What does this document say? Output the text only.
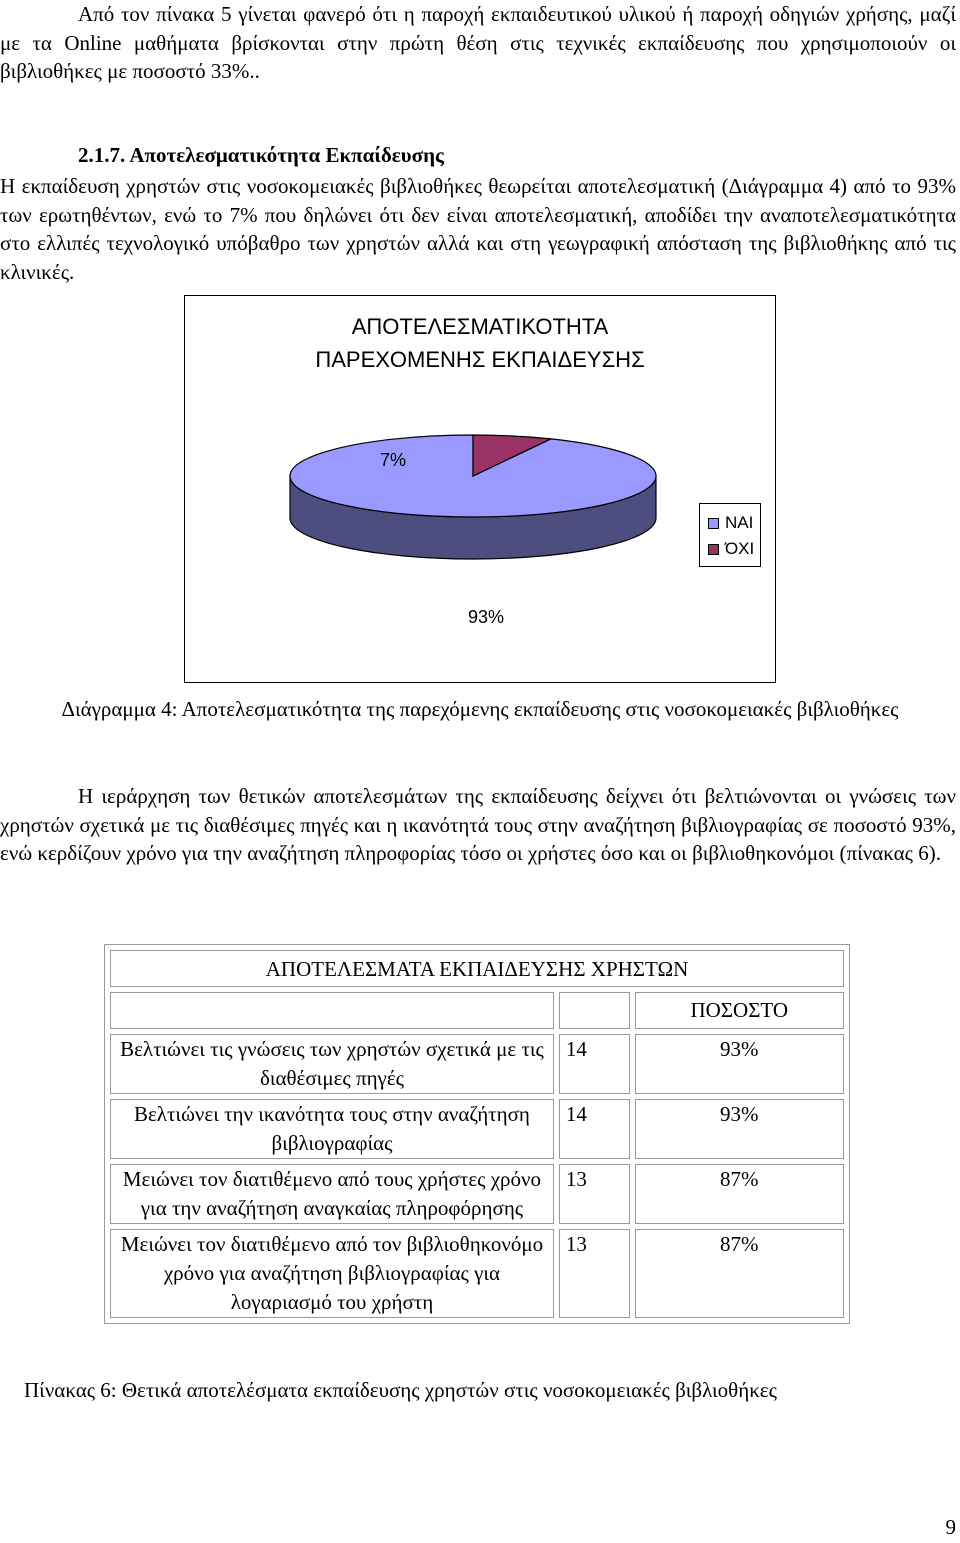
Από τον πίνακα 5 γίνεται φανερό ότι η παροχή εκπαιδευτικού υλικού ή παροχή οδηγιών χρήσης, μαζί με τα Online μαθήματα βρίσκονται στην πρώτη θέση στις τεχνικές εκπαίδευσης που χρησιμοποιούν οι βιβλιοθήκες με ποσοστό 33%..

2.1.7. Αποτελεσματικότητα Εκπαίδευσης

Η εκπαίδευση χρηστών στις νοσοκομειακές βιβλιοθήκες θεωρείται αποτελεσματική (Διάγραμμα 4) από το 93% των ερωτηθέντων, ενώ το 7% που δηλώνει ότι δεν είναι αποτελεσματική, αποδίδει την αναποτελεσματικότητα στο ελλιπές τεχνολογικό υπόβαθρο των χρηστών αλλά και στη γεωγραφική απόσταση της βιβλιοθήκης από τις κλινικές.

ΑΠΟΤΕΛΕΣΜΑΤΙΚΟΤΗΤΑ
ΠΑΡΕΧΟΜΕΝΗΣ ΕΚΠΑΙΔΕΥΣΗΣ
7%
93%
ΝΑΙ
ΌΧΙ
Διάγραμμα 4: Αποτελεσματικότητα της παρεχόμενης εκπαίδευσης στις νοσοκομειακές βιβλιοθήκες

Η ιεράρχηση των θετικών αποτελεσμάτων της εκπαίδευσης δείχνει ότι βελτιώνονται οι γνώσεις των χρηστών σχετικά με τις διαθέσιμες πηγές και η ικανότητά τους στην αναζήτηση βιβλιογραφίας σε ποσοστό 93%, ενώ κερδίζουν χρόνο για την αναζήτηση πληροφορίας τόσο οι χρήστες όσο και οι βιβλιοθηκονόμοι (πίνακας 6).

ΑΠΟΤΕΛΕΣΜΑΤΑ ΕΚΠΑΙΔΕΥΣΗΣ ΧΡΗΣΤΩΝ		
		ΠΟΣΟΣΤΟ
Βελτιώνει τις γνώσεις των χρηστών σχετικά με τις διαθέσιμες πηγές	14	93%
Βελτιώνει την ικανότητα τους στην αναζήτηση βιβλιογραφίας	14	93%
Μειώνει τον διατιθέμενο από τους χρήστες χρόνο για την αναζήτηση αναγκαίας πληροφόρησης	13	87%
Μειώνει τον διατιθέμενο από τον βιβλιοθηκονόμο χρόνο για αναζήτηση βιβλιογραφίας για λογαριασμό του χρήστη	13	87%
Πίνακας 6: Θετικά αποτελέσματα εκπαίδευσης χρηστών στις νοσοκομειακές βιβλιοθήκες
9
